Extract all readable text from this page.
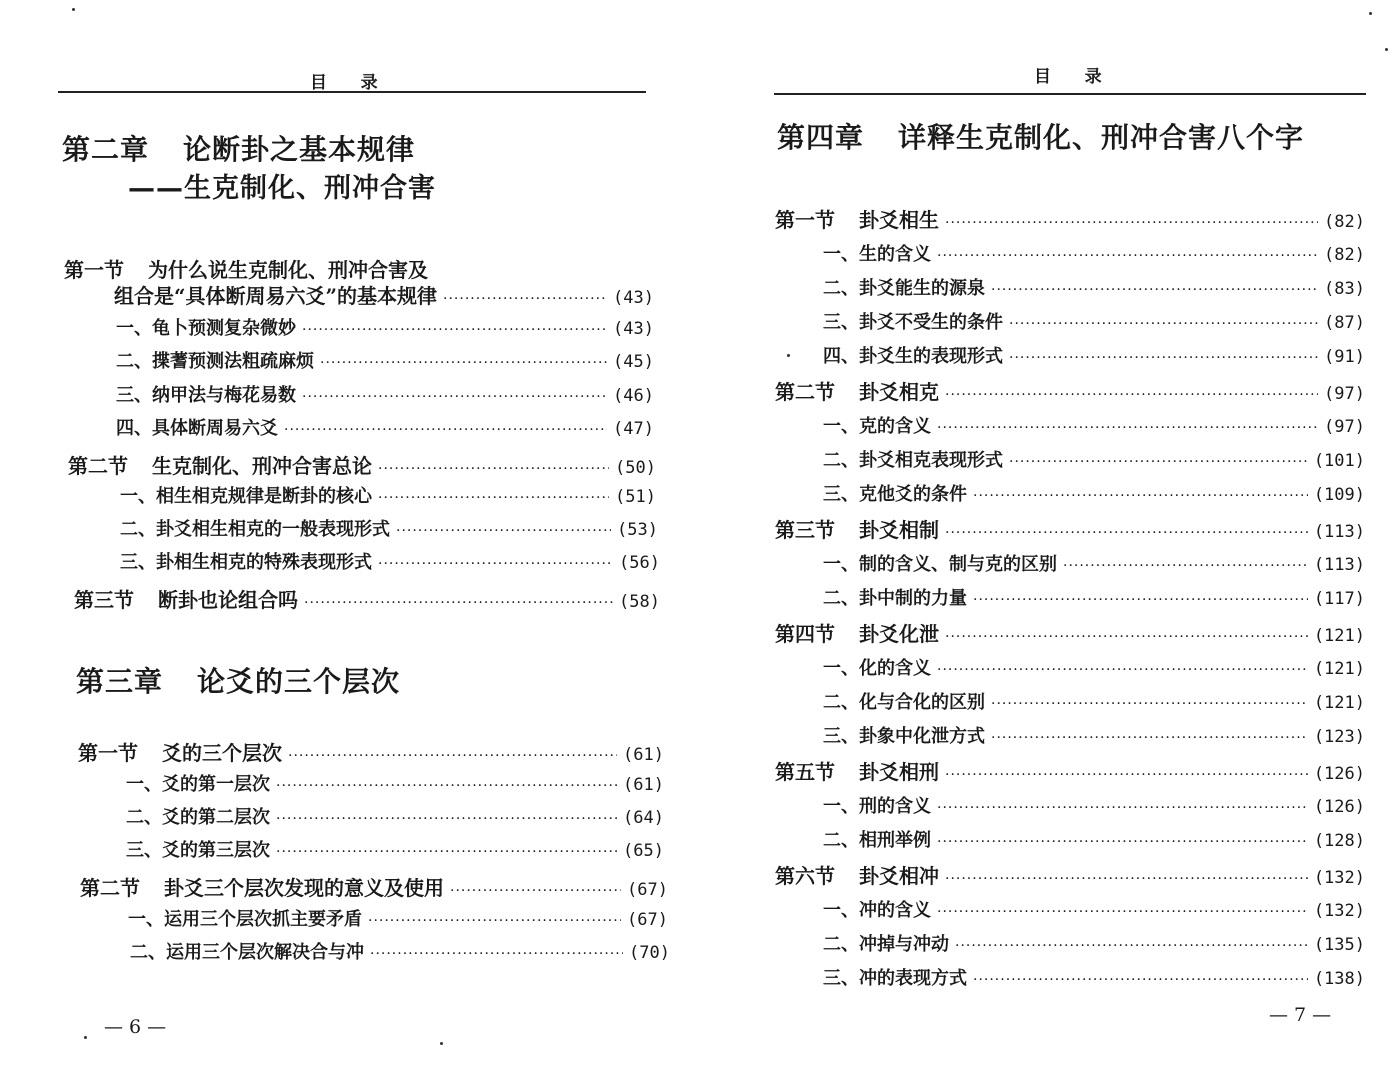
目    录
第二章 论断卦之基本规律
——生克制化、刑冲合害
第一节 为什么说生克制化、刑冲合害及
组合是“具体断周易六爻”的基本规律 ·····	(43)
一、龟卜预测复杂微妙 ·····	(43)
二、揲蓍预测法粗疏麻烦 ·····	(45)
三、纳甲法与梅花易数 ·····	(46)
四、具体断周易六爻 ·····	(47)
第二节 生克制化、刑冲合害总论 ·····	(50)
一、相生相克规律是断卦的核心 ·····	(51)
二、卦爻相生相克的一般表现形式 ·····	(53)
三、卦相生相克的特殊表现形式 ·····	(56)
第三节 断卦也论组合吗 ·····	(58)
第三章 论爻的三个层次
第一节 爻的三个层次 ·····	(61)
一、爻的第一层次 ·····	(61)
二、爻的第二层次 ·····	(64)
三、爻的第三层次 ·····	(65)
第二节 卦爻三个层次发现的意义及使用 ·····	(67)
一、运用三个层次抓主要矛盾 ·····	(67)
二、运用三个层次解决合与冲 ·····	(70)
— 6 —
目    录
第四章 详释生克制化、刑冲合害八个字
第一节 卦爻相生 ·····	(82)
一、生的含义 ·····	(82)
二、卦爻能生的源泉 ·····	(83)
三、卦爻不受生的条件 ·····	(87)
四、卦爻生的表现形式 ·····	(91)
第二节 卦爻相克 ·····	(97)
一、克的含义 ·····	(97)
二、卦爻相克表现形式 ·····	(101)
三、克他爻的条件 ·····	(109)
第三节 卦爻相制 ·····	(113)
一、制的含义、制与克的区别 ·····	(113)
二、卦中制的力量 ·····	(117)
第四节 卦爻化泄 ·····	(121)
一、化的含义 ·····	(121)
二、化与合化的区别 ·····	(121)
三、卦象中化泄方式 ·····	(123)
第五节 卦爻相刑 ·····	(126)
一、刑的含义 ·····	(126)
二、相刑举例 ·····	(128)
第六节 卦爻相冲 ·····	(132)
一、冲的含义 ·····	(132)
二、冲掉与冲动 ·····	(135)
三、冲的表现方式 ·····	(138)
— 7 —
